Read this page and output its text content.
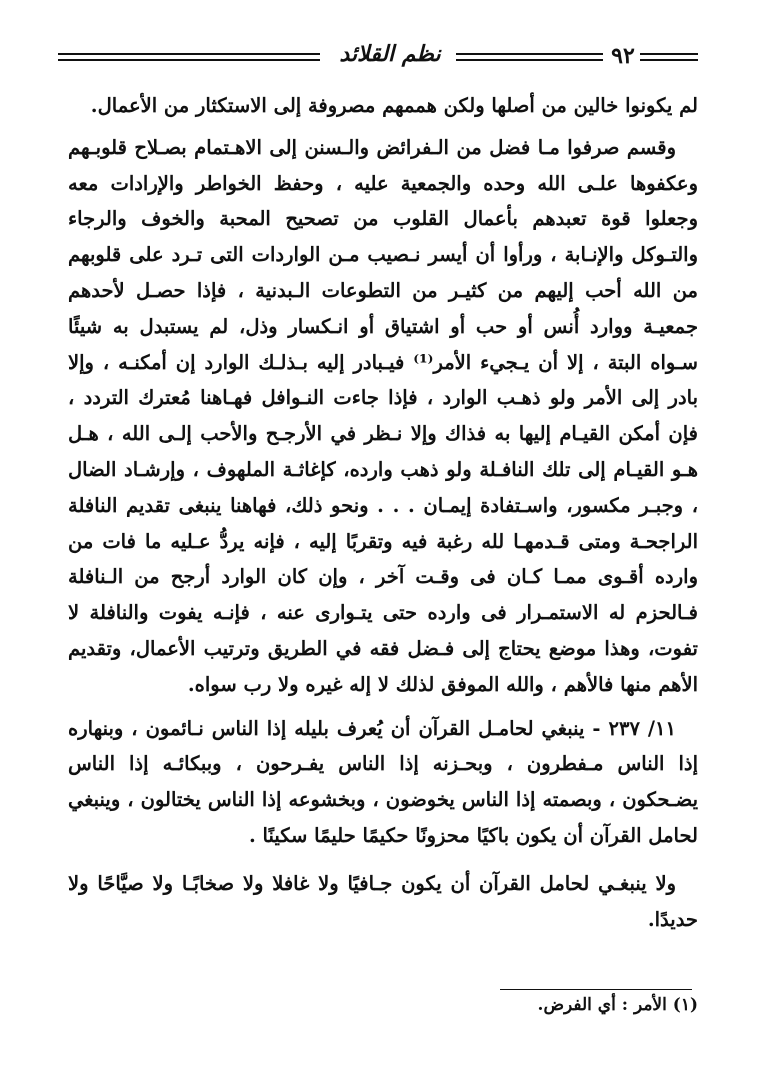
نظم القلائد	٩٢

لم يكونوا خالين من أصلها ولكن هممهم مصروفة إلى الاستكثار من الأعمال.

وقسم صرفوا مـا فضل من الـفرائض والـسنن إلى الاهـتمام بصـلاح قلوبـهم وعكفوها علـى الله وحده والجمعية عليه ، وحفظ الخواطر والإرادات معه وجعلوا قوة تعبدهم بأعمال القلوب من تصحيح المحبة والخوف والرجاء والتـوكل والإنـابة ، ورأوا أن أيسر نـصيب مـن الواردات التى تـرد على قلوبهم من الله أحب إليهم من كثيـر من التطوعات الـبدنية ، فإذا حصـل لأحدهم جمعيـة ووارد أُنس أو حب أو اشتياق أو انـكسار وذل، لم يستبدل به شيئًا سـواه البتة ، إلا أن يـجيء الأمر⁽¹⁾ فيـبادر إليه بـذلـك الوارد إن أمكنـه ، وإلا بادر إلى الأمر ولو ذهـب الوارد ، فإذا جاءت النـوافل فهـاهنا مُعترك التردد ، فإن أمكن القيـام إليها به فذاك وإلا نـظر في الأرجـح والأحب إلـى الله ، هـل هـو القيـام إلى تلك النافـلة ولو ذهب وارده، كإغاثـة الملهوف ، وإرشـاد الضال ، وجبـر مكسور، واسـتفادة إيمـان . . . ونحو ذلك، فهاهنا ينبغى تقديم النافلة الراجحـة ومتى قـدمهـا لله رغبة فيه وتقربًا إليه ، فإنه يردُّ عـليه ما فات من وارده أقـوى ممـا كـان فى وقـت آخر ، وإن كان الوارد أرجح من الـنافلة فـالحزم له الاستمـرار فى وارده حتى يتـوارى عنه ، فإنـه يفوت والنافلة لا تفوت، وهذا موضع يحتاج إلى فـضل فقه في الطريق وترتيب الأعمال، وتقديم الأهم منها فالأهم ، والله الموفق لذلك لا إله غيره ولا رب سواه.

١١/ ٢٣٧ - ينبغي لحامـل القرآن أن يُعرف بليله إذا الناس نـائمون ، وبنهاره إذا الناس مـفطرون ، وبحـزنه إذا الناس يفـرحون ، وببكائـه إذا الناس يضـحكون ، وبصمته إذا الناس يخوضون ، وبخشوعه إذا الناس يختالون ، وينبغي لحامل القرآن أن يكون باكيًا محزونًا حكيمًا حليمًا سكينًا .

ولا ينبغـي لحامل القرآن أن يكون جـافيًا ولا غافلا ولا صخابًـا ولا صيَّاحًا ولا حديدًا.

(١) الأمر : أي الفرض.
